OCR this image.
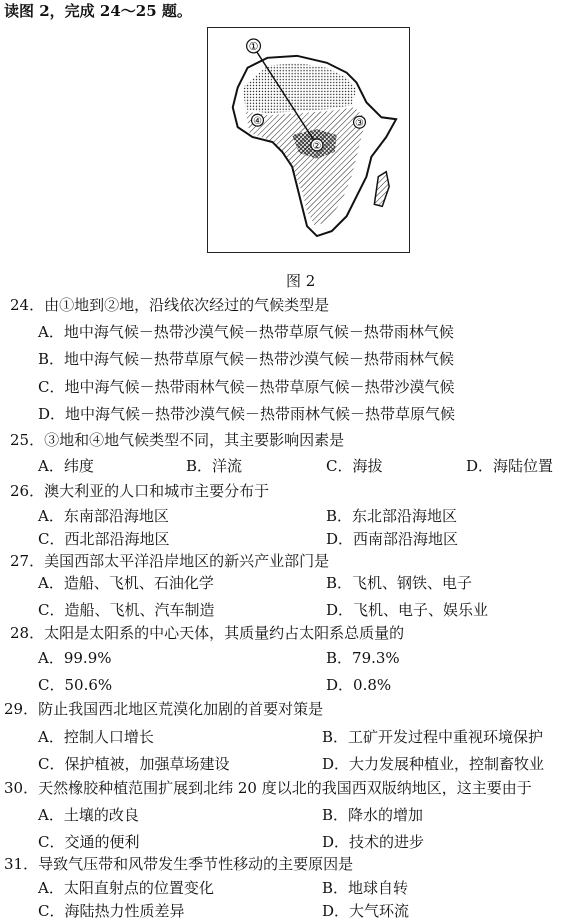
读图 2，完成 24～25 题。
①
②
③
④
图 2
24．由①地到②地，沿线依次经过的气候类型是
A．地中海气候－热带沙漠气候－热带草原气候－热带雨林气候
B．地中海气候－热带草原气候－热带沙漠气候－热带雨林气候
C．地中海气候－热带雨林气候－热带草原气候－热带沙漠气候
D．地中海气候－热带沙漠气候－热带雨林气候－热带草原气候
25．③地和④地气候类型不同，其主要影响因素是
A．纬度	B．洋流	C．海拔	D．海陆位置
26．澳大利亚的人口和城市主要分布于
A．东南部沿海地区	B．东北部沿海地区
C．西北部沿海地区	D．西南部沿海地区
27．美国西部太平洋沿岸地区的新兴产业部门是
A．造船、飞机、石油化学	B．飞机、钢铁、电子
C．造船、飞机、汽车制造	D．飞机、电子、娱乐业
28．太阳是太阳系的中心天体，其质量约占太阳系总质量的
A．99.9%	B．79.3%
C．50.6%	D．0.8%
29．防止我国西北地区荒漠化加剧的首要对策是
A．控制人口增长	B．工矿开发过程中重视环境保护
C．保护植被，加强草场建设	D．大力发展种植业，控制畜牧业
30．天然橡胶种植范围扩展到北纬 20 度以北的我国西双版纳地区，这主要由于
A．土壤的改良	B．降水的增加
C．交通的便利	D．技术的进步
31．导致气压带和风带发生季节性移动的主要原因是
A．太阳直射点的位置变化	B．地球自转
C．海陆热力性质差异	D．大气环流
